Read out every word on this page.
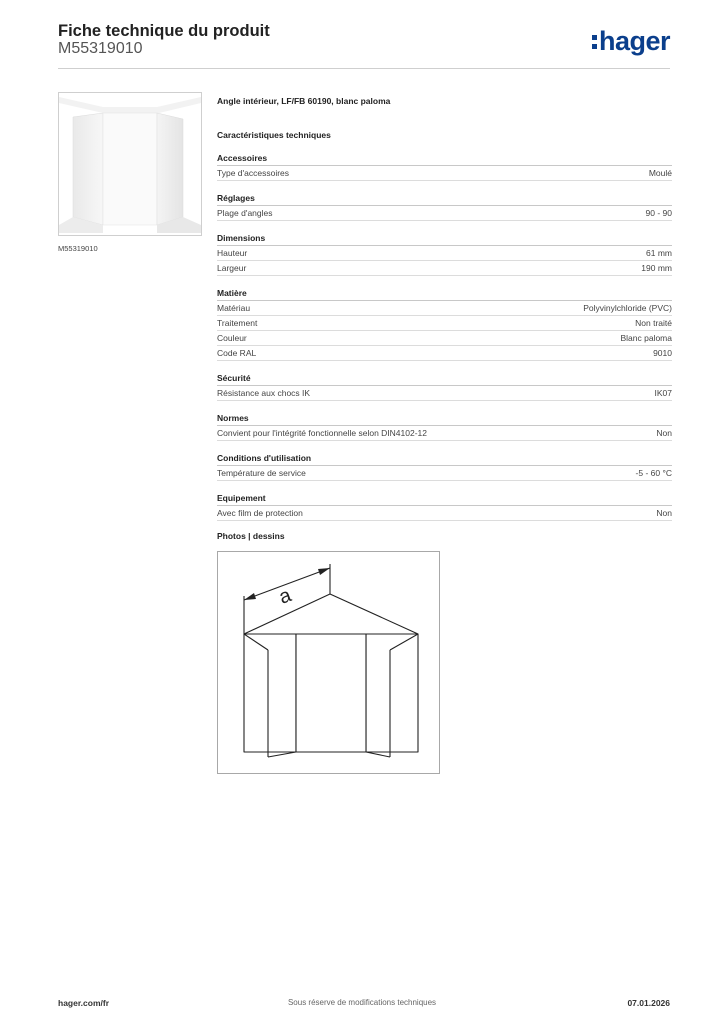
Fiche technique du produit
M55319010	hager
M55319010
Angle intérieur, LF/FB 60190, blanc paloma
Caractéristiques techniques
Accessoires
Type d'accessoires	Moulé
Réglages
Plage d'angles	90 - 90
Dimensions
Hauteur	61 mm
Largeur	190 mm
Matière
Matériau	Polyvinylchloride (PVC)
Traitement	Non traité
Couleur	Blanc paloma
Code RAL	9010
Sécurité
Résistance aux chocs IK	IK07
Normes
Convient pour l'intégrité fonctionnelle selon DIN4102-12	Non
Conditions d'utilisation
Température de service	-5 - 60 °C
Equipement
Avec film de protection	Non
Photos | dessins
a
hager.com/fr	Sous réserve de modifications techniques	07.01.2026
